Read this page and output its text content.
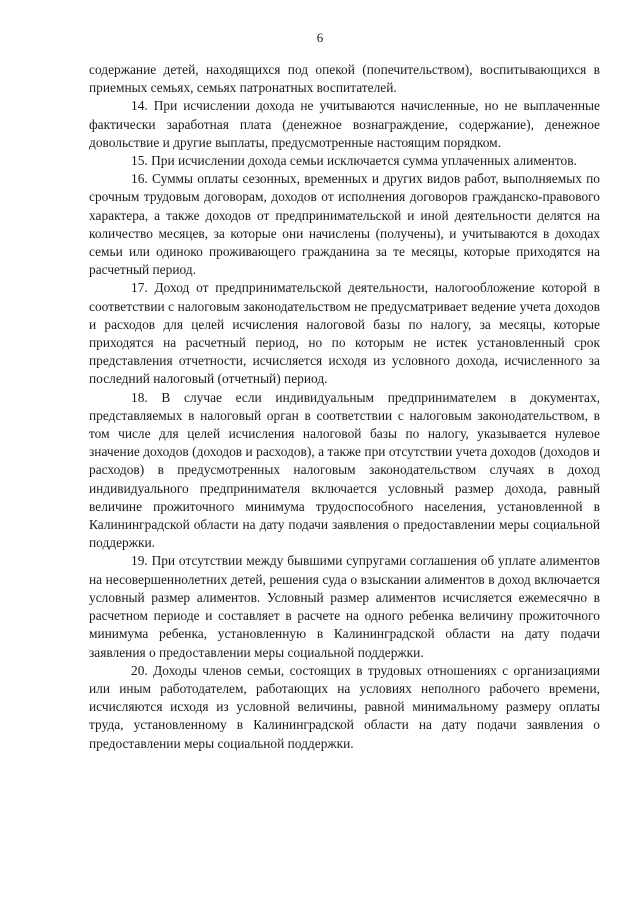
6

содержание детей, находящихся под опекой (попечительством), воспитывающихся в приемных семьях, семьях патронатных воспитателей.

14. При исчислении дохода не учитываются начисленные, но не выплаченные фактически заработная плата (денежное вознаграждение, содержание), денежное довольствие и другие выплаты, предусмотренные настоящим порядком.

15. При исчислении дохода семьи исключается сумма уплаченных алиментов.

16. Суммы оплаты сезонных, временных и других видов работ, выполняемых по срочным трудовым договорам, доходов от исполнения договоров гражданско-правового характера, а также доходов от предпринимательской и иной деятельности делятся на количество месяцев, за которые они начислены (получены), и учитываются в доходах семьи или одиноко проживающего гражданина за те месяцы, которые приходятся на расчетный период.

17. Доход от предпринимательской деятельности, налогообложение которой в соответствии с налоговым законодательством не предусматривает ведение учета доходов и расходов для целей исчисления налоговой базы по налогу, за месяцы, которые приходятся на расчетный период, но по которым не истек установленный срок представления отчетности, исчисляется исходя из условного дохода, исчисленного за последний налоговый (отчетный) период.

18. В случае если индивидуальным предпринимателем в документах, представляемых в налоговый орган в соответствии с налоговым законодательством, в том числе для целей исчисления налоговой базы по налогу, указывается нулевое значение доходов (доходов и расходов), а также при отсутствии учета доходов (доходов и расходов) в предусмотренных налоговым законодательством случаях в доход индивидуального предпринимателя включается условный размер дохода, равный величине прожиточного минимума трудоспособного населения, установленной в Калининградской области на дату подачи заявления о предоставлении меры социальной поддержки.

19. При отсутствии между бывшими супругами соглашения об уплате алиментов на несовершеннолетних детей, решения суда о взыскании алиментов в доход включается условный размер алиментов. Условный размер алиментов исчисляется ежемесячно в расчетном периоде и составляет в расчете на одного ребенка величину прожиточного минимума ребенка, установленную в Калининградской области на дату подачи заявления о предоставлении меры социальной поддержки.

20. Доходы членов семьи, состоящих в трудовых отношениях с организациями или иным работодателем, работающих на условиях неполного рабочего времени, исчисляются исходя из условной величины, равной минимальному размеру оплаты труда, установленному в Калининградской области на дату подачи заявления о предоставлении меры социальной поддержки.
